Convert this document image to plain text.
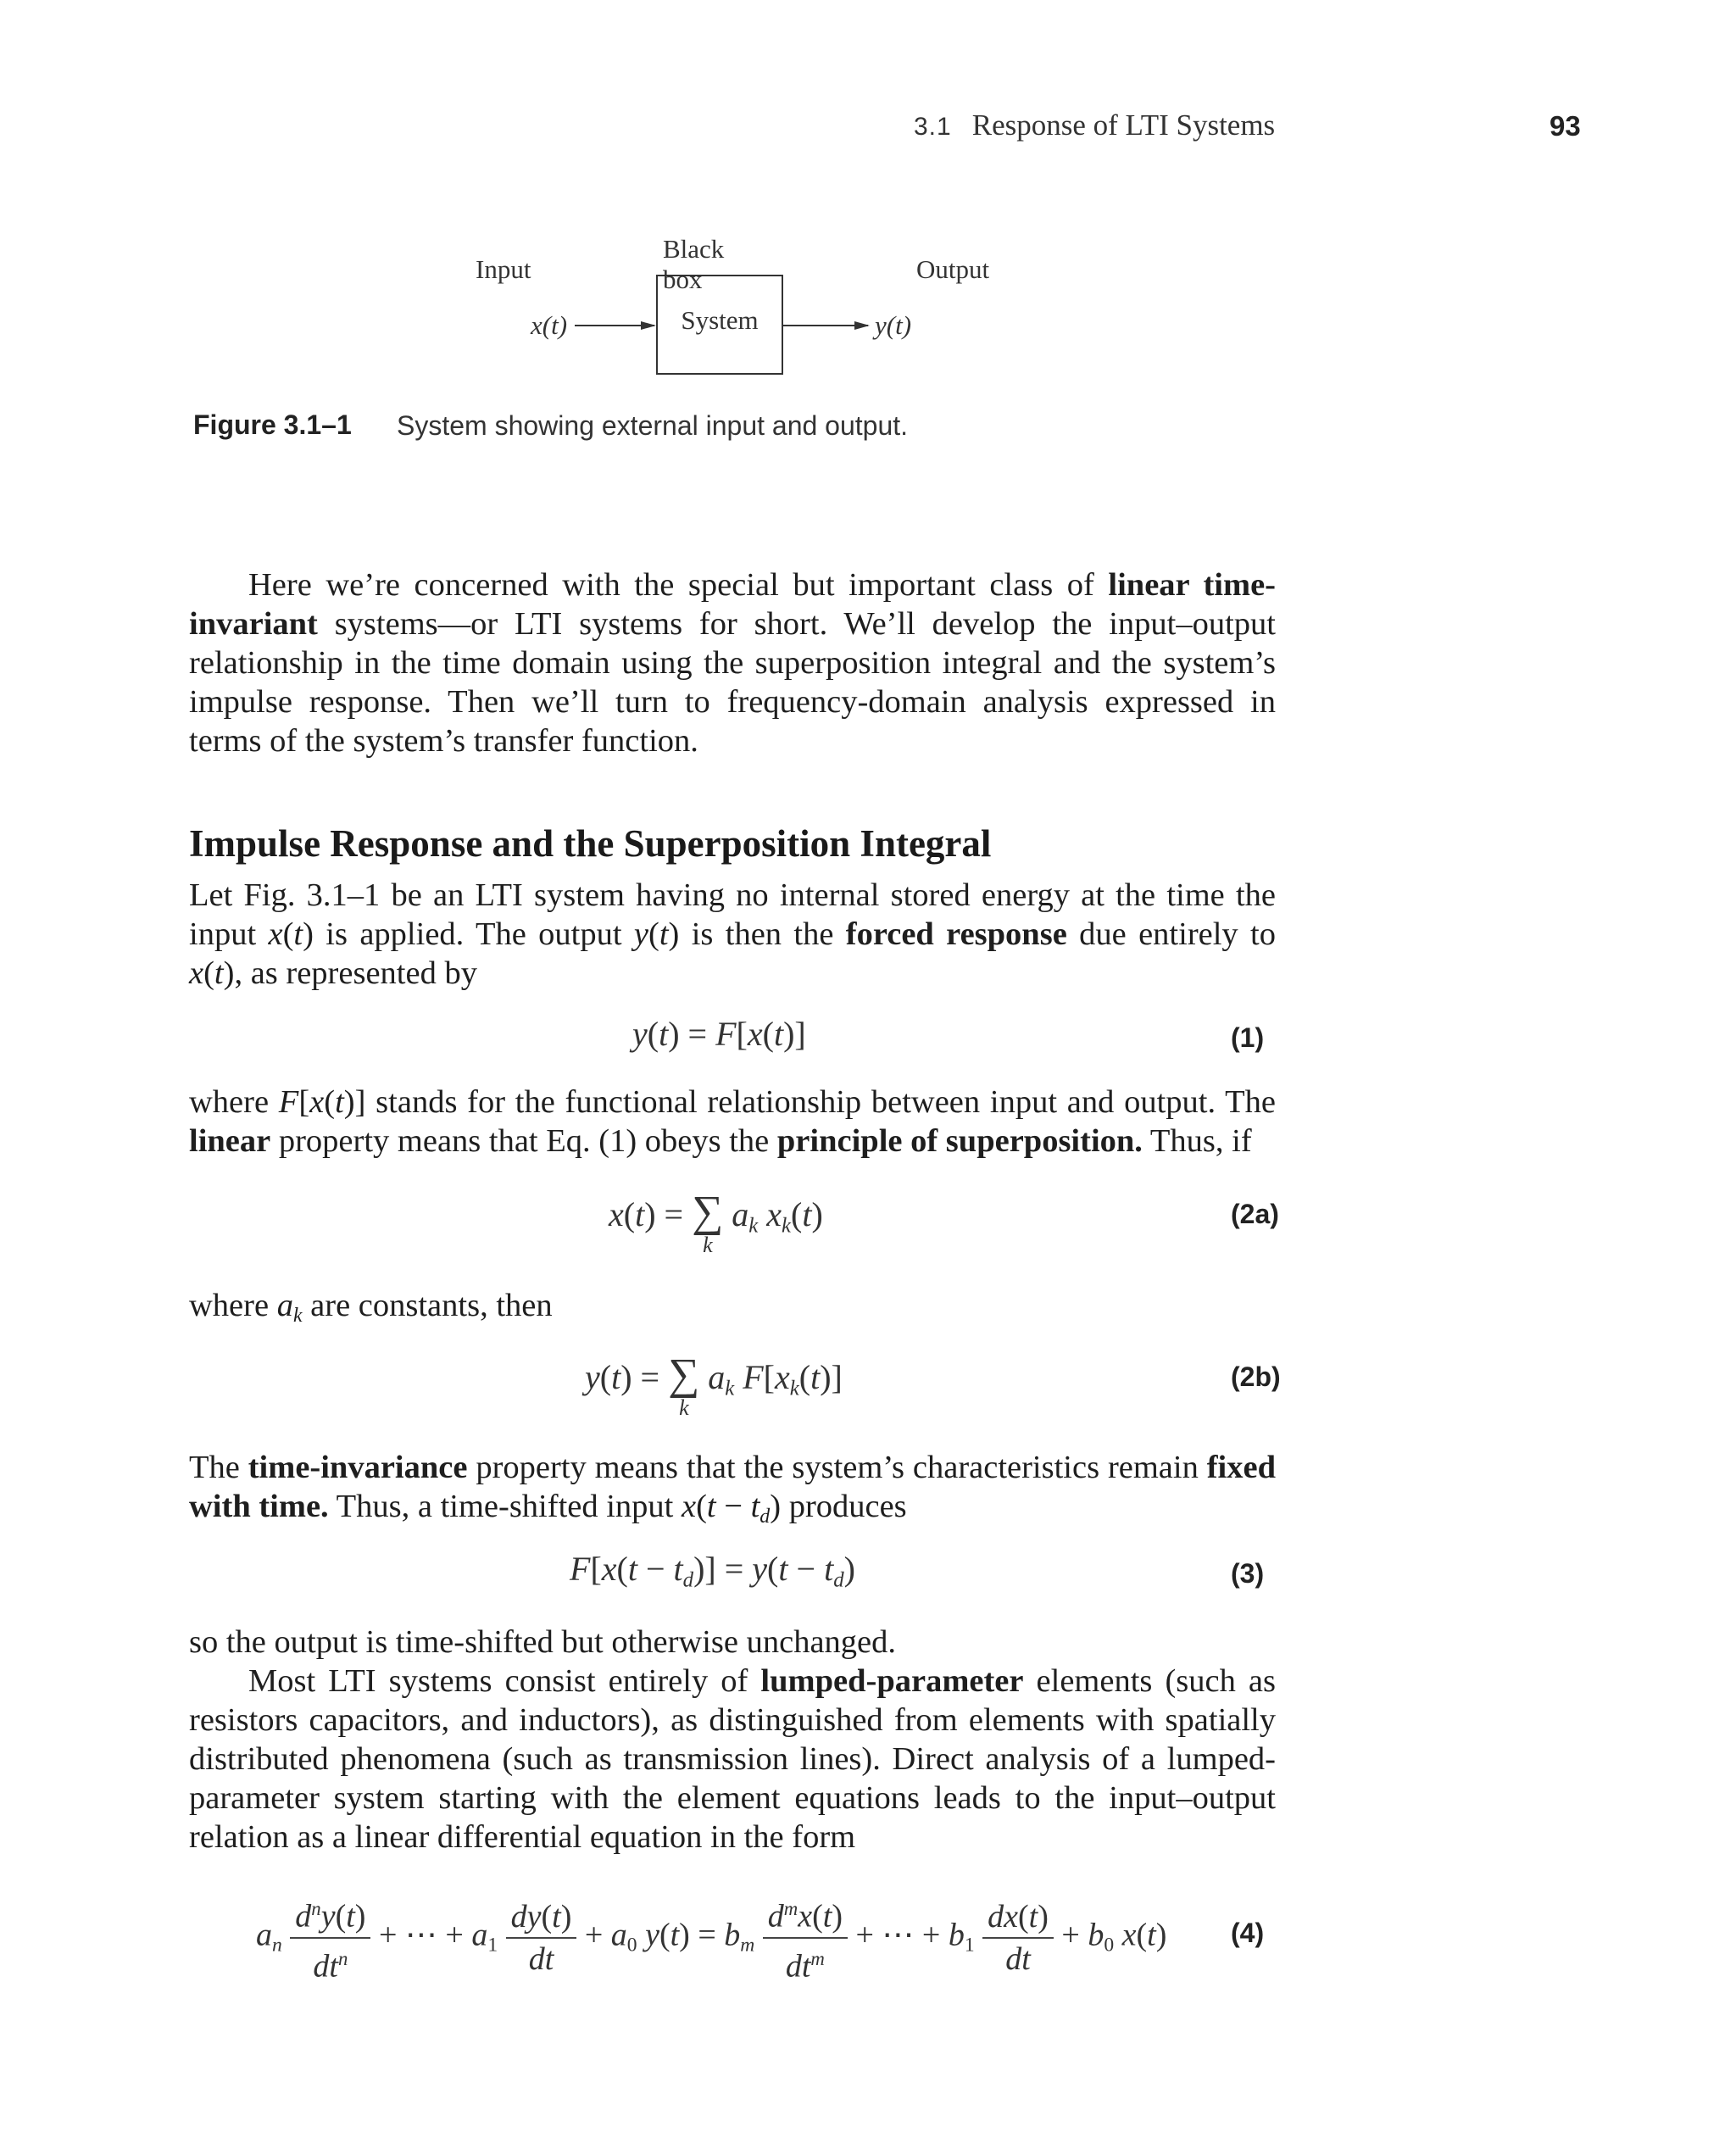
3.1 Response of LTI Systems	93
Black box
Input	Output
x(t)	System	y(t)
Figure 3.1–1 System showing external input and output.
Here we’re concerned with the special but important class of linear time-invariant systems—or LTI systems for short. We’ll develop the input–output relationship in the time domain using the superposition integral and the system’s impulse response. Then we’ll turn to frequency-domain analysis expressed in terms of the system’s transfer function.
Impulse Response and the Superposition Integral
Let Fig. 3.1–1 be an LTI system having no internal stored energy at the time the input x(t) is applied. The output y(t) is then the forced response due entirely to x(t), as represented by
y(t) = F[x(t)]	(1)
where F[x(t)] stands for the functional relationship between input and output. The linear property means that Eq. (1) obeys the principle of superposition. Thus, if
x(t) = ∑
k
$a_k$ $x_k(t)$	(2a)
where $a_k$ are constants, then
y(t) = ∑
k
$a_k$ $F[x_k(t)]$	(2b)
The time-invariance property means that the system’s characteristics remain fixed with time. Thus, a time-shifted input $x(t - t_d)$ produces
$F[x(t - t_d)] = y(t - t_d)$	(3)
so the output is time-shifted but otherwise unchanged.
Most LTI systems consist entirely of lumped-parameter elements (such as resistors capacitors, and inductors), as distinguished from elements with spatially distributed phenomena (such as transmission lines). Direct analysis of a lumped-parameter system starting with the element equations leads to the input–output relation as a linear differential equation in the form
$a_n \frac{d^ny(t)}{dt^n}$ + ⋯ + $a_1 \frac{dy(t)}{dt} + a_0$ $y(t) = b_m \frac{d^mx(t)}{dt^m}$ + ⋯ + $b_1 \frac{dx(t)}{dt} + b_0$ x(t) (4)
